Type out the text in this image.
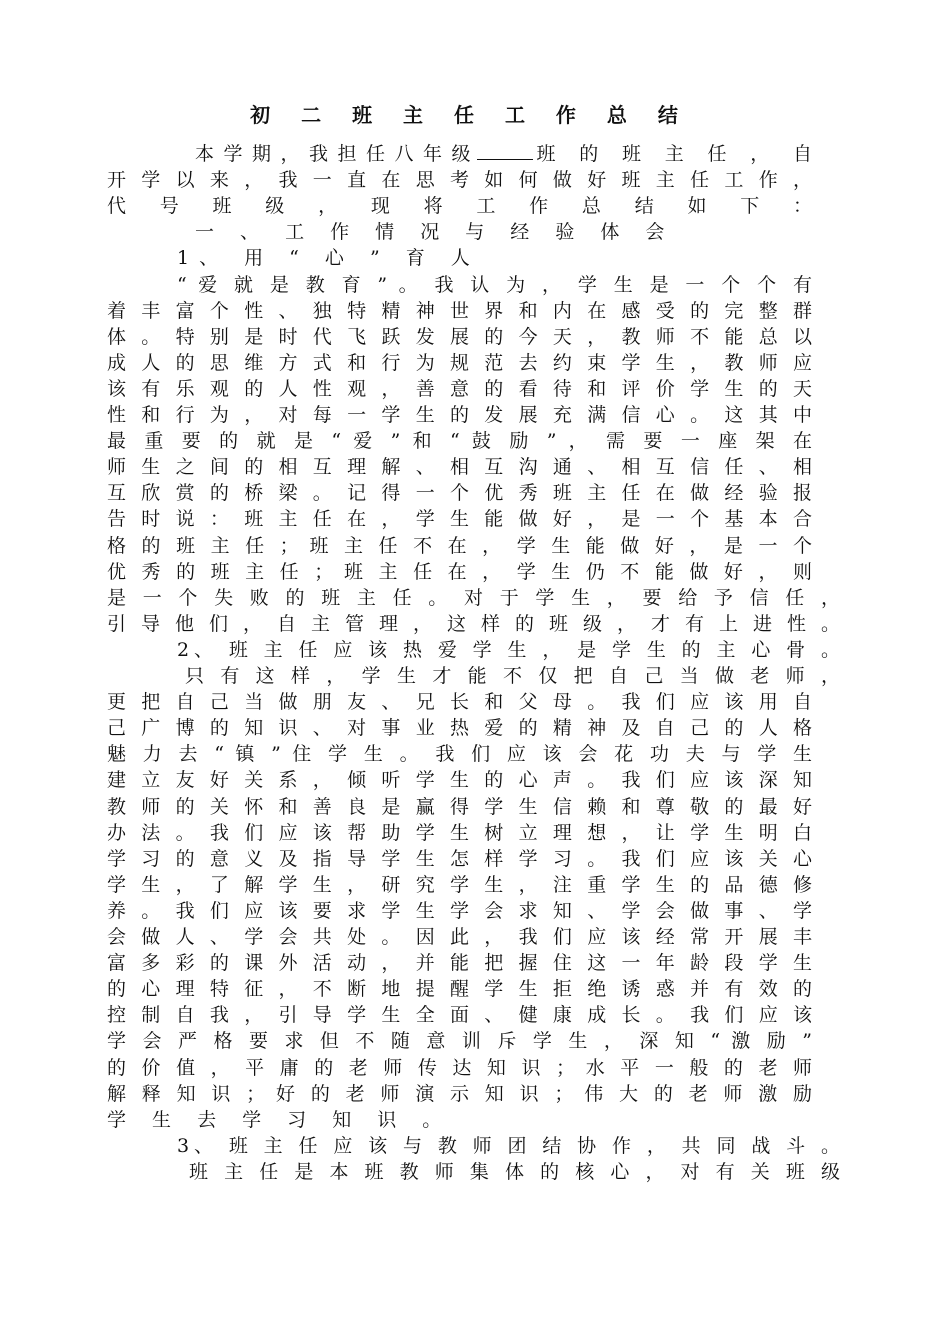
初 二 班 主 任 工 作 总 结
本 学 期 ， 我 担 任 八 年 级	班 的 班 主 任 ， 自
开 学 以 来 ， 我 一 直 在 思 考 如 何 做 好 班 主 任 工 作 ，
代 号 班 级 ， 现 将 工 作 总 结 如 下 ：
一 、 工 作 情 况 与 经 验 体 会
1、 用 “ 心 ” 育 人
“ 爱 就 是 教 育 ” 。 我 认 为 ， 学 生 是 一 个 个 有
着 丰 富 个 性 、 独 特 精 神 世 界 和 内 在 感 受 的 完 整 群
体 。 特 别 是 时 代 飞 跃 发 展 的 今 天 ， 教 师 不 能 总 以
成 人 的 思 维 方 式 和 行 为 规 范 去 约 束 学 生 ， 教 师 应
该 有 乐 观 的 人 性 观 ， 善 意 的 看 待 和 评 价 学 生 的 天
性 和 行 为 ， 对 每 一 学 生 的 发 展 充 满 信 心 。 这 其 中
最 重 要 的 就 是 “ 爱 ” 和 “ 鼓 励 ” ， 需 要 一 座 架 在
师 生 之 间 的 相 互 理 解 、 相 互 沟 通 、 相 互 信 任 、 相
互 欣 赏 的 桥 梁 。 记 得 一 个 优 秀 班 主 任 在 做 经 验 报
告 时 说 ： 班 主 任 在 ， 学 生 能 做 好 ， 是 一 个 基 本 合
格 的 班 主 任 ； 班 主 任 不 在 ， 学 生 能 做 好 ， 是 一 个
优 秀 的 班 主 任 ； 班 主 任 在 ， 学 生 仍 不 能 做 好 ， 则
是 一 个 失 败 的 班 主 任 。 对 于 学 生 ， 要 给 予 信 任 ，
引 导 他 们 ， 自 主 管 理 ， 这 样 的 班 级 ， 才 有 上 进 性 。
2、 班 主 任 应 该 热 爱 学 生 ， 是 学 生 的 主 心 骨 。
只 有 这 样 ， 学 生 才 能 不 仅 把 自 己 当 做 老 师 ，
更 把 自 己 当 做 朋 友 、 兄 长 和 父 母 。 我 们 应 该 用 自
己 广 博 的 知 识 、 对 事 业 热 爱 的 精 神 及 自 己 的 人 格
魅 力 去 “ 镇 ” 住 学 生 。 我 们 应 该 会 花 功 夫 与 学 生
建 立 友 好 关 系 ， 倾 听 学 生 的 心 声 。 我 们 应 该 深 知
教 师 的 关 怀 和 善 良 是 赢 得 学 生 信 赖 和 尊 敬 的 最 好
办 法 。 我 们 应 该 帮 助 学 生 树 立 理 想 ， 让 学 生 明 白
学 习 的 意 义 及 指 导 学 生 怎 样 学 习 。 我 们 应 该 关 心
学 生 ， 了 解 学 生 ， 研 究 学 生 ， 注 重 学 生 的 品 德 修
养 。 我 们 应 该 要 求 学 生 学 会 求 知 、 学 会 做 事 、 学
会 做 人 、 学 会 共 处 。 因 此 ， 我 们 应 该 经 常 开 展 丰
富 多 彩 的 课 外 活 动 ， 并 能 把 握 住 这 一 年 龄 段 学 生
的 心 理 特 征 ， 不 断 地 提 醒 学 生 拒 绝 诱 惑 并 有 效 的
控 制 自 我 ， 引 导 学 生 全 面 、 健 康 成 长 。 我 们 应 该
学 会 严 格 要 求 但 不 随 意 训 斥 学 生 ， 深 知 “ 激 励 ”
的 价 值 ， 平 庸 的 老 师 传 达 知 识 ； 水 平 一 般 的 老 师
解 释 知 识 ； 好 的 老 师 演 示 知 识 ； 伟 大 的 老 师 激 励
学 生 去 学 习 知 识 。
3、 班 主 任 应 该 与 教 师 团 结 协 作 ， 共 同 战 斗 。
班 主 任 是 本 班 教 师 集 体 的 核 心 ， 对 有 关 班 级
